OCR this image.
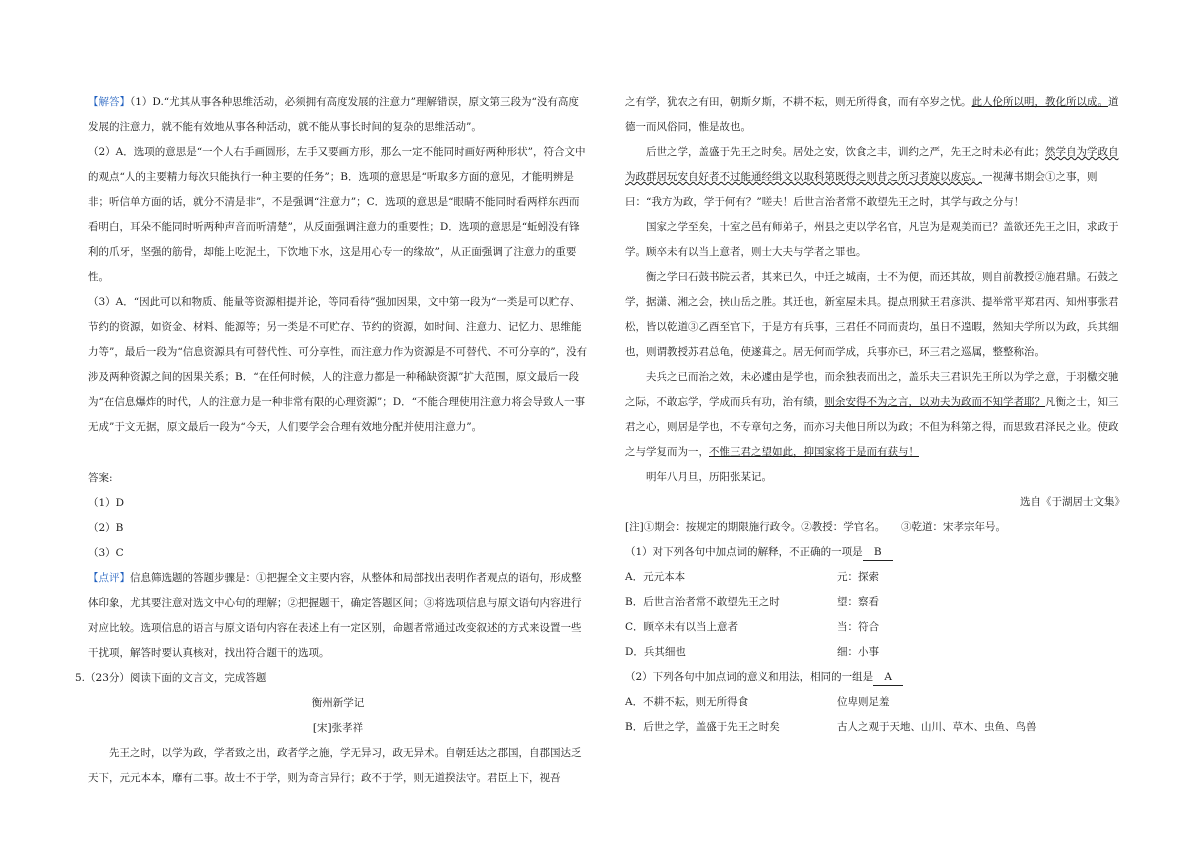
【解答】（1）D.“尤其从事各种思维活动，必须拥有高度发展的注意力”理解错误，原文第三段为“没有高度发展的注意力，就不能有效地从事各种活动，就不能从事长时间的复杂的思维活动”。

（2）A．选项的意思是“一个人右手画圆形，左手又要画方形，那么一定不能同时画好两种形状”，符合文中的观点“人的主要精力每次只能执行一种主要的任务”；B．选项的意思是“听取多方面的意见，才能明辨是非；听信单方面的话，就分不清是非”，不是强调“注意力”；C．选项的意思是“眼睛不能同时看两样东西而看明白，耳朵不能同时听两种声音而听清楚”，从反面强调注意力的重要性；D．选项的意思是“蚯蚓没有锋利的爪牙，坚强的筋骨，却能上吃泥土，下饮地下水，这是用心专一的缘故”，从正面强调了注意力的重要性。

（3）A．“因此可以和物质、能量等资源相提并论，等同看待”强加因果，文中第一段为“一类是可以贮存、节约的资源，如资金、材料、能源等；另一类是不可贮存、节约的资源，如时间、注意力、记忆力、思维能力等”，最后一段为“信息资源具有可替代性、可分享性，而注意力作为资源是不可替代、不可分享的”，没有涉及两种资源之间的因果关系；B．“在任何时候，人的注意力都是一种稀缺资源”扩大范围，原文最后一段为“在信息爆炸的时代，人的注意力是一种非常有限的心理资源”；D．“不能合理使用注意力将会导致人一事无成”于文无据，原文最后一段为“今天，人们要学会合理有效地分配并使用注意力”。

答案:

（1）D

（2）B

（3）C

【点评】信息筛选题的答题步骤是：①把握全文主要内容，从整体和局部找出表明作者观点的语句，形成整体印象，尤其要注意对选文中心句的理解；②把握题干，确定答题区间；③将选项信息与原文语句内容进行对应比较。选项信息的语言与原文语句内容在表述上有一定区别，命题者常通过改变叙述的方式来设置一些干扰项，解答时要认真核对，找出符合题干的选项。

5.（23分）阅读下面的文言文，完成答题

衡州新学记

[宋]张孝祥

先王之时，以学为政，学者致之出，政者学之施，学无异习，政无异术。自朝廷达之郡国，自郡国达乏天下，元元本本，靡有二事。故士不于学，则为奇言异行；政不于学，则无道揆法守。君臣上下，视吾

之有学，犹农之有田，朝斯夕斯，不耕不耘，则无所得食，而有卒岁之忧。此人伦所以明，教化所以成。道德一而风俗同，惟是故也。

后世之学，盖盛于先王之时矣。居处之安，饮食之丰，训约之严，先王之时未必有此；然学自为学政自为政群居玩安自好者不过能通经缉文以取科第既得之则昔之所习者旋以废忘。一视薄书期会①之事，则曰：“我方为政，学于何有？”嗟夫！后世言治者常不敢望先王之时，其学与政之分与！

国家之学至矣，十室之邑有师弟子，州县之吏以学名官，凡岂为是观美而已？盖欲还先王之旧，求政于学。顾卒未有以当上意者，则士大夫与学者之罪也。

衡之学曰石鼓书院云者，其来已久，中迁之城南，士不为便，而还其故，则自前教授②施君鼎。石鼓之学，据潇、湘之会，挟山岳之胜。其迁也，新室屋未具。提点刑狱王君彦洪、提举常平郑君丙、知州事张君松，皆以乾道③乙酉至官下，于是方有兵事，三君任不同而责均，虽日不遑暇，然知夫学所以为政，兵其细也，则谓教授苏君总龟，使遂葺之。居无何而学成，兵事亦已，环三君之巡属，整整称治。

夫兵之已而治之效，未必遽由是学也，而余独表而出之，盖乐夫三君识先王所以为学之意，于羽檄交驰之际，不敢忘学，学成而兵有功，治有绩，则余安得不为之言，以劝夫为政而不知学者耶？凡衡之士，知三君之心，则居是学也，不专章句之务，而亦习夫他日所以为政；不但为科第之得，而思致君泽民之业。使政之与学复而为一，不惟三君之望如此，抑国家将于是而有获与！

明年八月旦，历阳张某记。

选自《于湖居士文集》

[注]①期会：按规定的期限施行政令。②教授：学官名。　　③乾道：宋孝宗年号。

（1）对下列各句中加点词的解释，不正确的一项是 B

A．元元本本	元：探索
B．后世言治者常不敢望先王之时	望：察看
C．顾卒未有以当上意者	当：符合
D．兵其细也	细：小事

（2）下列各句中加点词的意义和用法，相同的一组是 A

A．不耕不耘，则无所得食	位卑则足羞
B．后世之学，盖盛于先王之时矣	古人之观于天地、山川、草木、虫鱼、鸟兽
